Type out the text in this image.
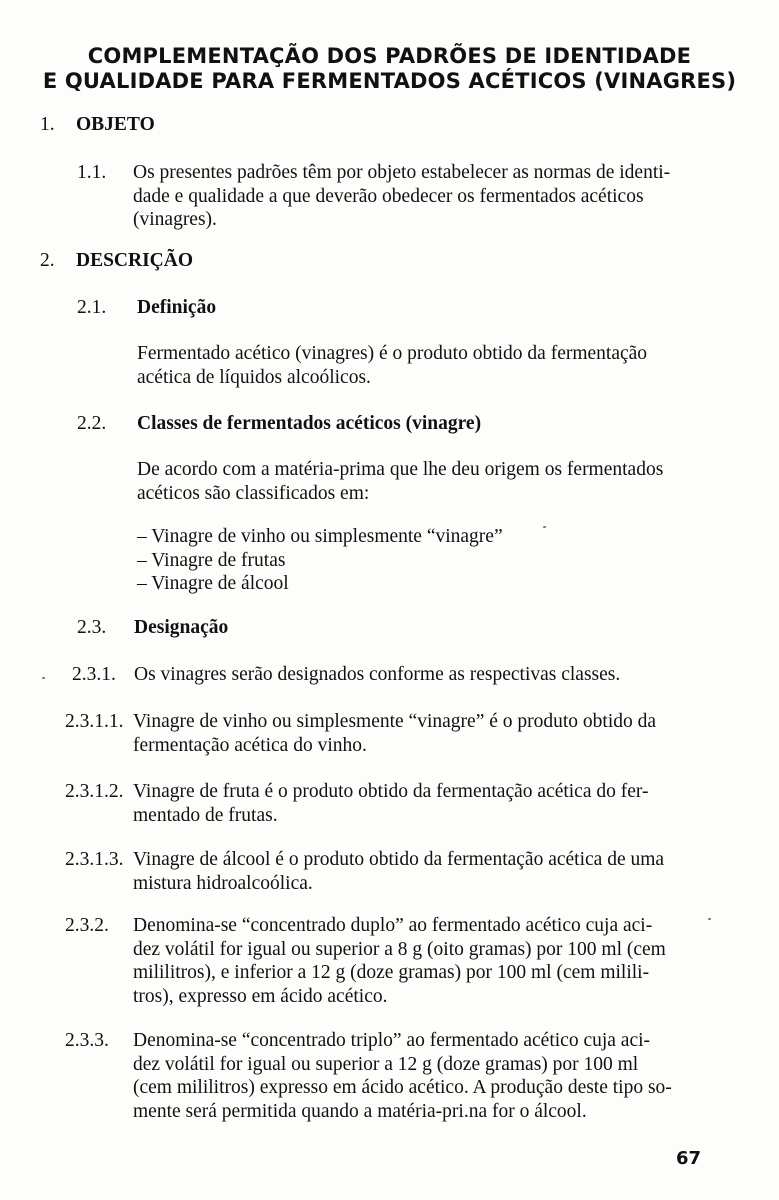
COMPLEMENTAÇÃO DOS PADRÕES DE IDENTIDADE
E QUALIDADE PARA FERMENTADOS ACÉTICOS (VINAGRES)
1. OBJETO
1.1. Os presentes padrões têm por objeto estabelecer as normas de identi-
dade e qualidade a que deverão obedecer os fermentados acéticos
(vinagres).
2. DESCRIÇÃO
2.1. Definição
Fermentado acético (vinagres) é o produto obtido da fermentação
acética de líquidos alcoólicos.
2.2. Classes de fermentados acéticos (vinagre)
De acordo com a matéria-prima que lhe deu origem os fermentados
acéticos são classificados em:
– Vinagre de vinho ou simplesmente “vinagre”
– Vinagre de frutas
– Vinagre de álcool
2.3. Designação
2.3.1. Os vinagres serão designados conforme as respectivas classes.
2.3.1.1. Vinagre de vinho ou simplesmente “vinagre” é o produto obtido da
fermentação acética do vinho.
2.3.1.2. Vinagre de fruta é o produto obtido da fermentação acética do fer-
mentado de frutas.
2.3.1.3. Vinagre de álcool é o produto obtido da fermentação acética de uma
mistura hidroalcoólica.
2.3.2. Denomina-se “concentrado duplo” ao fermentado acético cuja aci-
dez volátil for igual ou superior a 8 g (oito gramas) por 100 ml (cem
mililitros), e inferior a 12 g (doze gramas) por 100 ml (cem milili-
tros), expresso em ácido acético.
2.3.3. Denomina-se “concentrado triplo” ao fermentado acético cuja aci-
dez volátil for igual ou superior a 12 g (doze gramas) por 100 ml
(cem mililitros) expresso em ácido acético. A produção deste tipo so-
mente será permitida quando a matéria-pri.na for o álcool.
67
